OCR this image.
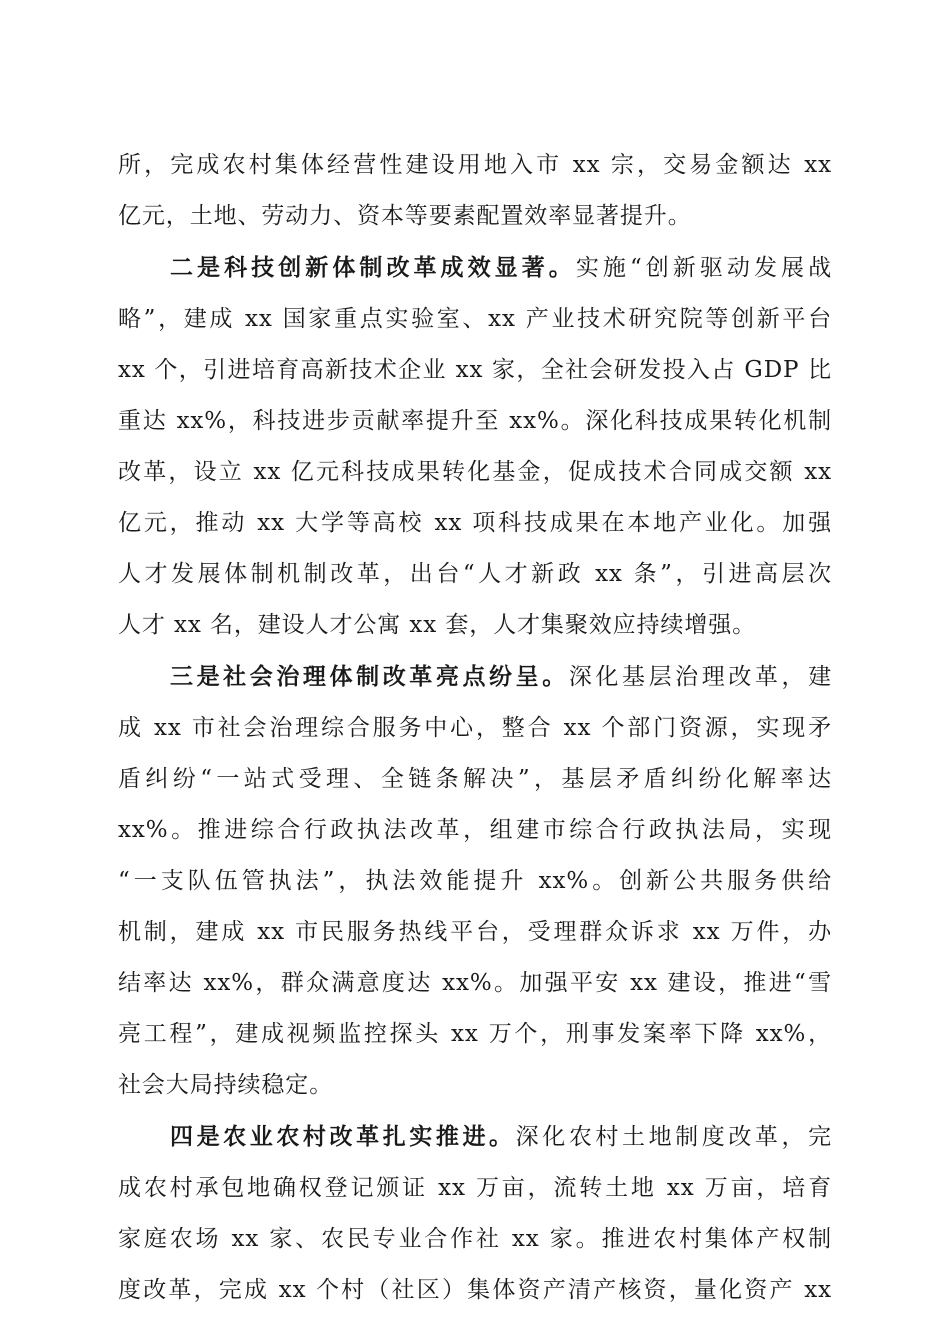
所，完成农村集体经营性建设用地入市 xx 宗，交易金额达 xx
亿元，土地、劳动力、资本等要素配置效率显著提升。
二是科技创新体制改革成效显著。实施“创新驱动发展战
略”，建成 xx 国家重点实验室、xx 产业技术研究院等创新平台
xx 个，引进培育高新技术企业 xx 家，全社会研发投入占 GDP 比
重达 xx%，科技进步贡献率提升至 xx%。深化科技成果转化机制
改革，设立 xx 亿元科技成果转化基金，促成技术合同成交额 xx
亿元，推动 xx 大学等高校 xx 项科技成果在本地产业化。加强
人才发展体制机制改革，出台“人才新政 xx 条”，引进高层次
人才 xx 名，建设人才公寓 xx 套，人才集聚效应持续增强。
三是社会治理体制改革亮点纷呈。深化基层治理改革，建
成 xx 市社会治理综合服务中心，整合 xx 个部门资源，实现矛
盾纠纷“一站式受理、全链条解决”，基层矛盾纠纷化解率达
xx%。推进综合行政执法改革，组建市综合行政执法局，实现
“一支队伍管执法”，执法效能提升 xx%。创新公共服务供给
机制，建成 xx 市民服务热线平台，受理群众诉求 xx 万件，办
结率达 xx%，群众满意度达 xx%。加强平安 xx 建设，推进“雪
亮工程”，建成视频监控探头 xx 万个，刑事发案率下降 xx%，
社会大局持续稳定。
四是农业农村改革扎实推进。深化农村土地制度改革，完
成农村承包地确权登记颁证 xx 万亩，流转土地 xx 万亩，培育
家庭农场 xx 家、农民专业合作社 xx 家。推进农村集体产权制
度改革，完成 xx 个村（社区）集体资产清产核资，量化资产 xx
